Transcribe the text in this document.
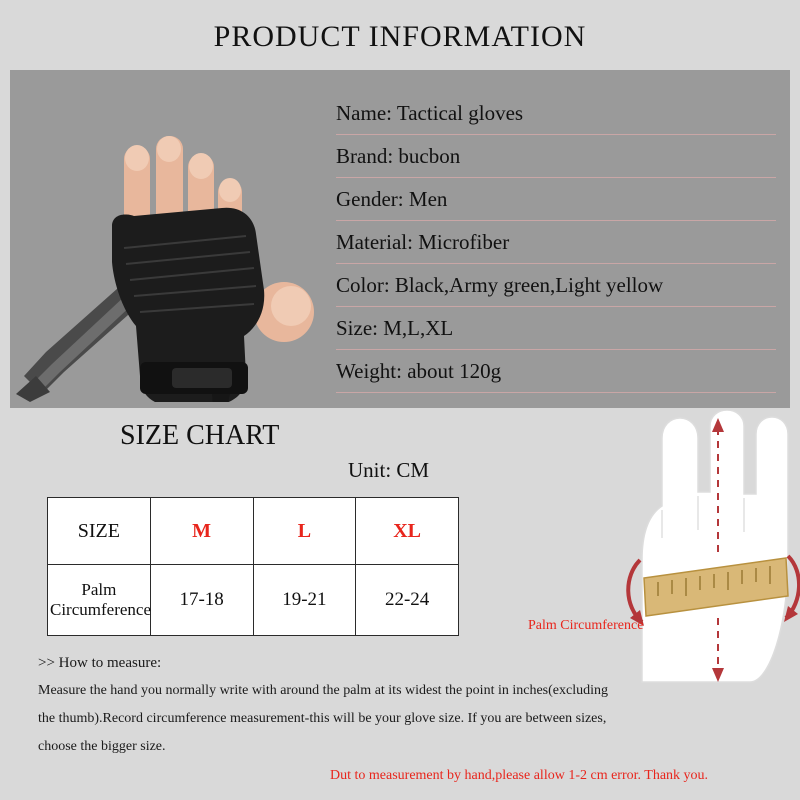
PRODUCT INFORMATION
Name: Tactical gloves
Brand: bucbon
Gender: Men
Material: Microfiber
Color: Black,Army green,Light yellow
Size: M,L,XL
Weight: about 120g
SIZE CHART
Unit: CM
SIZE	M	L	XL
Palm Circumference	17-18	19-21	22-24
>> How to measure:

Measure the hand you normally write with around the palm at its widest the point in inches(excluding

the thumb).Record circumference measurement-this will be your glove size. If you are between sizes,

choose the bigger size.

Palm Circumference
Dut to measurement by hand,please allow 1-2 cm error. Thank you.
